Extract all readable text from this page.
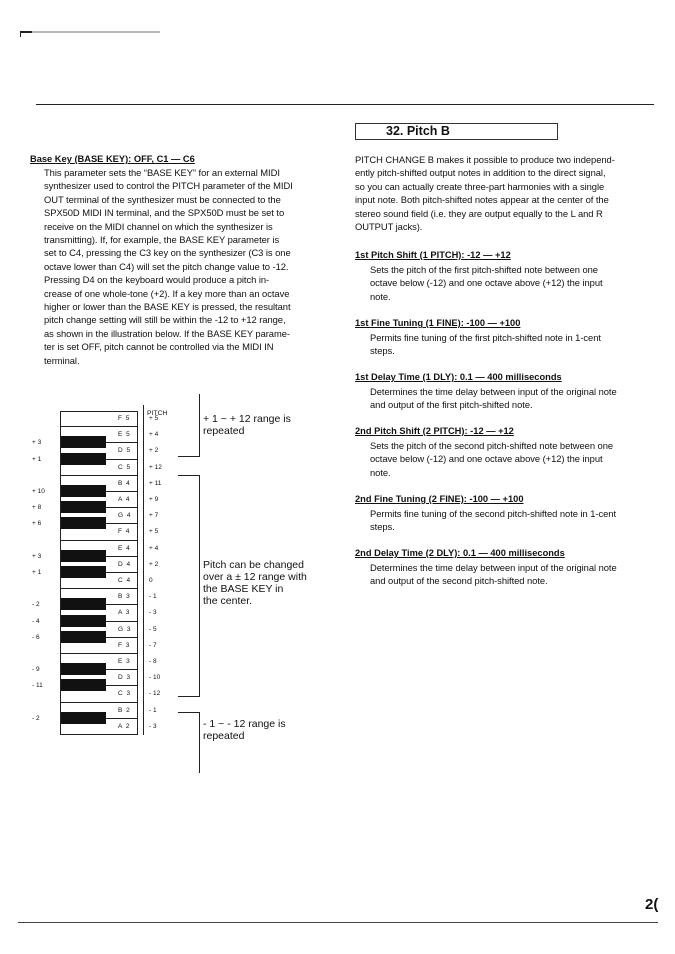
2(
Base Key (BASE KEY): OFF, C1 — C6
This parameter sets the “BASE KEY” for an external MIDI
synthesizer used to control the PITCH parameter of the MIDI
OUT terminal of the synthesizer must be connected to the
SPX50D MIDI IN terminal, and the SPX50D must be set to
receive on the MIDI channel on which the synthesizer is
transmitting). If, for example, the BASE KEY parameter is
set to C4, pressing the C3 key on the synthesizer (C3 is one
octave lower than C4) will set the pitch change value to -12.
Pressing D4 on the keyboard would produce a pitch in-
crease of one whole-tone (+2). If a key more than an octave
higher or lower than the BASE KEY is pressed, the resultant
pitch change setting will still be within the -12 to +12 range,
as shown in the illustration below. If the BASE KEY parame-
ter is set OFF, pitch cannot be controlled via the MIDI IN
terminal.
PITCH	+ 1 ~ + 12 range is
repeated
Pitch can be changed
over a ± 12 range with
the BASE KEY in
the center.
- 1 ~ - 12 range is
repeated
F 5	+ 5
E 5	+ 4
D 5	+ 2
C 5	+ 12
B 4	+ 11
A 4	+ 9
G 4	+ 7
F 4	+ 5
E 4	+ 4
D 4	+ 2
C 4	0
B 3	- 1
A 3	- 3
G 3	- 5
F 3	- 7
E 3	- 8
D 3	- 10
C 3	- 12
B 2	- 1
A 2	- 3
+ 3
+ 1
+ 10
+ 8
+ 6
+ 3
+ 1
- 2
- 4
- 6
- 9
- 11
- 2
32. Pitch B
PITCH CHANGE B makes it possible to produce two independ-
ently pitch-shifted output notes in addition to the direct signal,
so you can actually create three-part harmonies with a single
input note. Both pitch-shifted notes appear at the center of the
stereo sound field (i.e. they are output equally to the L and R
OUTPUT jacks).
1st Pitch Shift (1 PITCH): -12 — +12
Sets the pitch of the first pitch-shifted note between one
octave below (-12) and one octave above (+12) the input
note.
1st Fine Tuning (1 FINE): -100 — +100
Permits fine tuning of the first pitch-shifted note in 1-cent
steps.
1st Delay Time (1 DLY): 0.1 — 400 milliseconds
Determines the time delay between input of the original note
and output of the first pitch-shifted note.
2nd Pitch Shift (2 PITCH): -12 — +12
Sets the pitch of the second pitch-shifted note between one
octave below (-12) and one octave above (+12) the input
note.
2nd Fine Tuning (2 FINE): -100 — +100
Permits fine tuning of the second pitch-shifted note in 1-cent
steps.
2nd Delay Time (2 DLY): 0.1 — 400 milliseconds
Determines the time delay between input of the original note
and output of the second pitch-shifted note.
